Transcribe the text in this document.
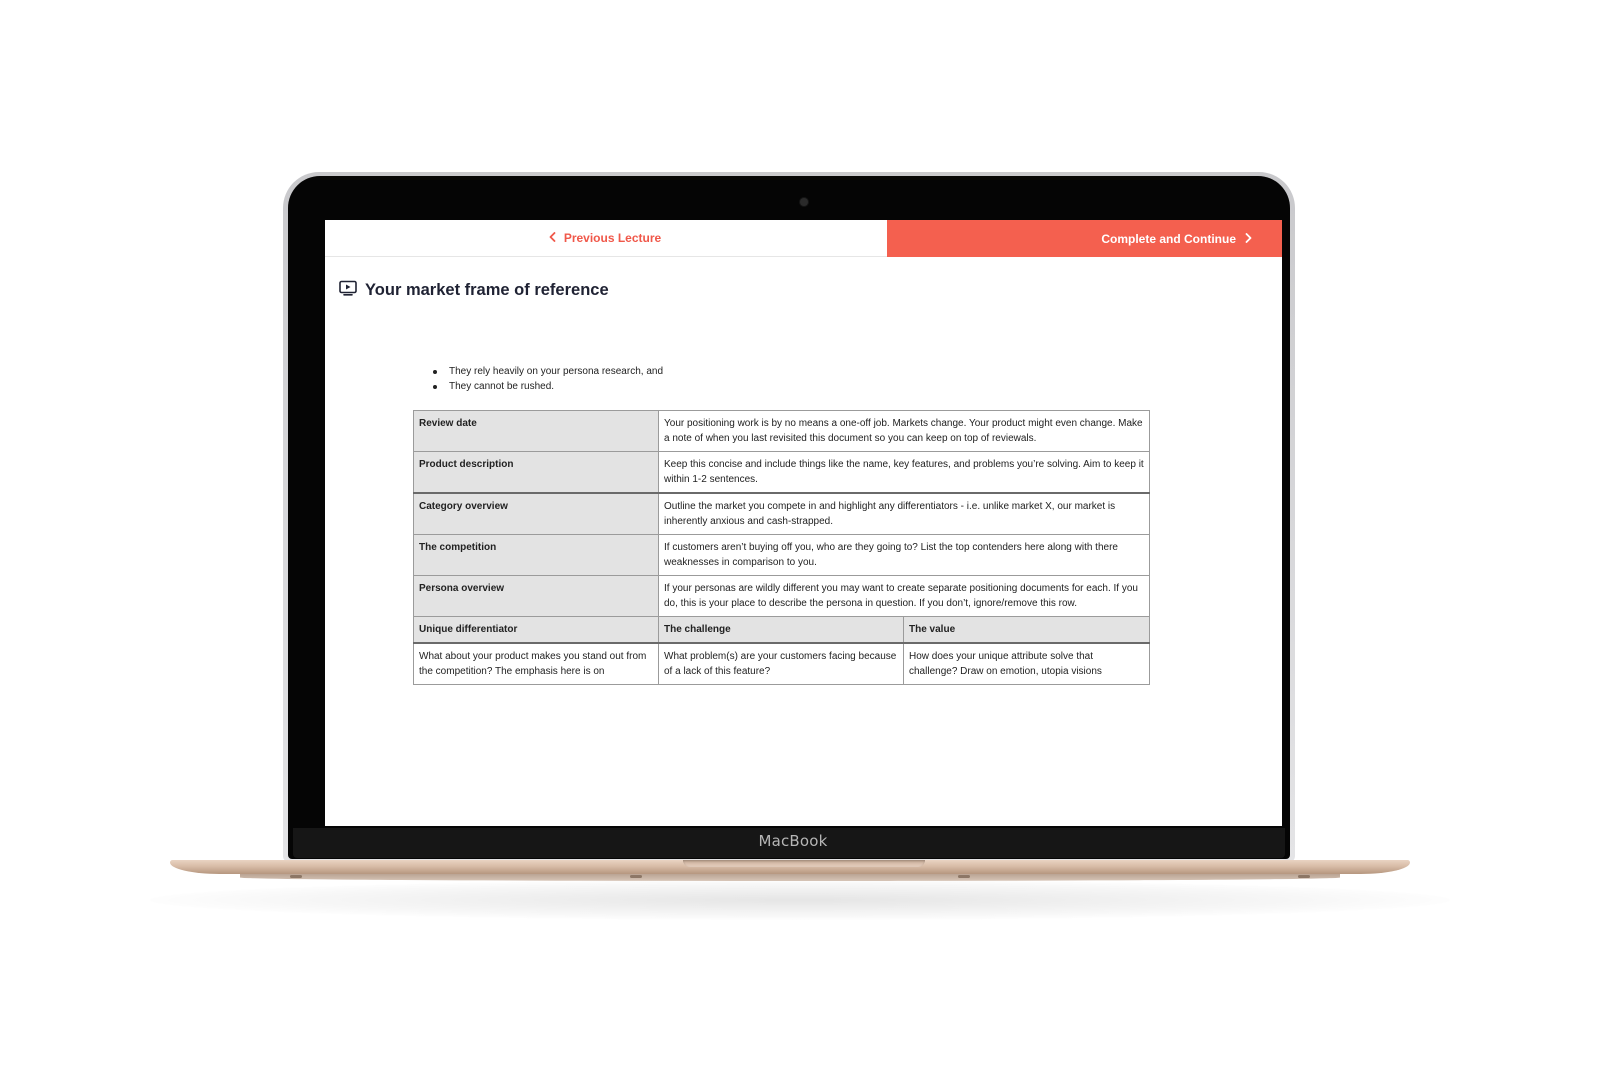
MacBook
Previous Lecture	Complete and Continue
Your market frame of reference
They rely heavily on your persona research, and
They cannot be rushed.
Review date	Your positioning work is by no means a one-off job. Markets change. Your product might even change. Make a note of when you last revisited this document so you can keep on top of reviewals.	
Product description	Keep this concise and include things like the name, key features, and problems you’re solving. Aim to keep it within 1-2 sentences.	
Category overview	Outline the market you compete in and highlight any differentiators - i.e. unlike market X, our market is inherently anxious and cash-strapped.	
The competition	If customers aren’t buying off you, who are they going to? List the top contenders here along with there weaknesses in comparison to you.	
Persona overview	If your personas are wildly different you may want to create separate positioning documents for each. If you do, this is your place to describe the persona in question. If you don’t, ignore/remove this row.	
Unique differentiator	The challenge	The value

What about your product makes you stand out from the competition? The emphasis here is on	What problem(s) are your customers facing because of a lack of this feature?	How does your unique attribute solve that challenge? Draw on emotion, utopia visions
